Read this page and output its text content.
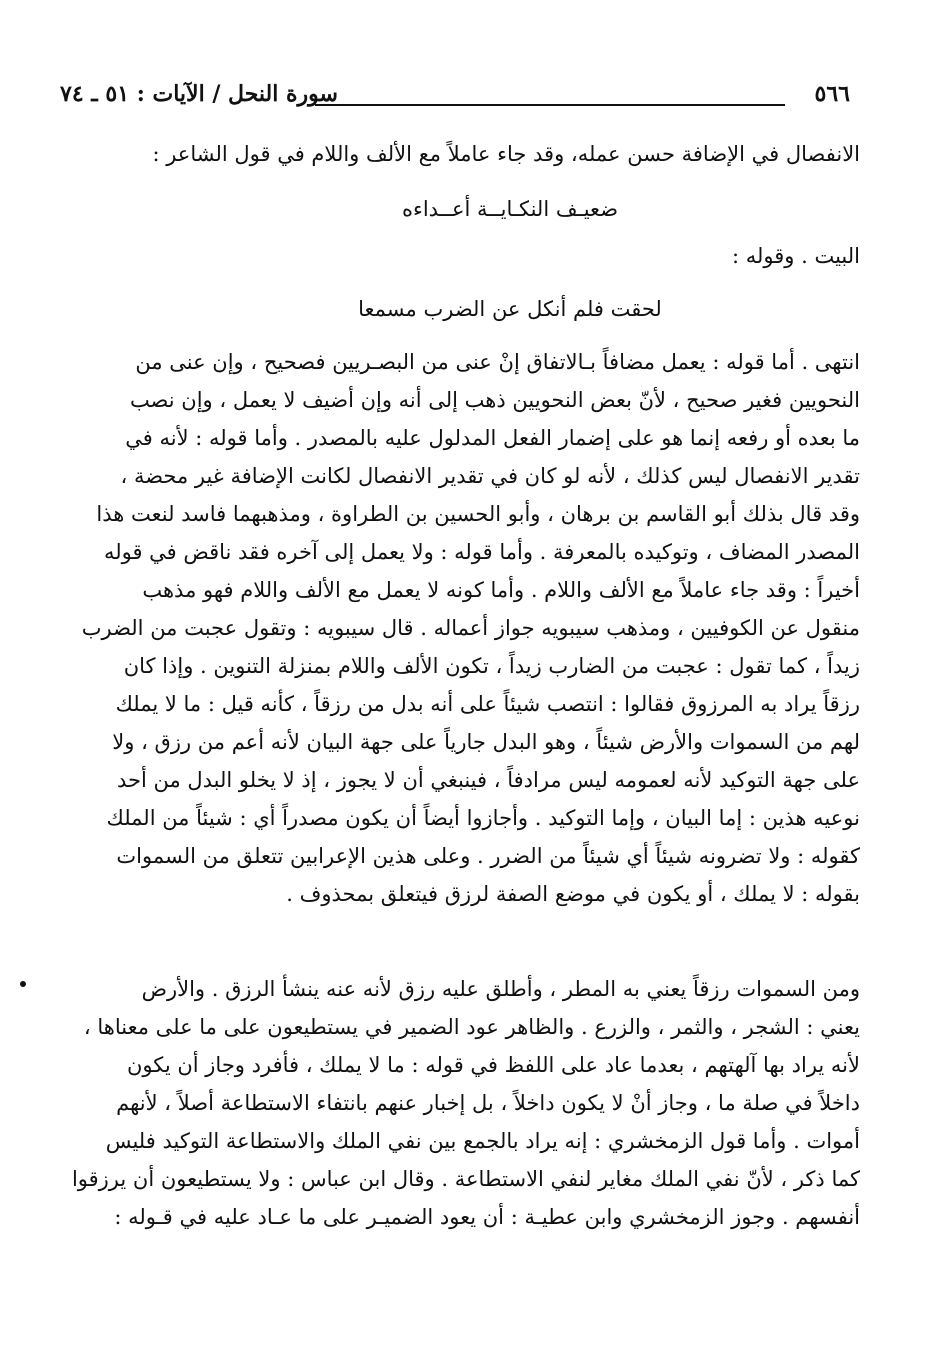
٥٦٦
سورة النحل / الآيات : ٥١ ـ ٧٤
الانفصال في الإضافة حسن عمله، وقد جاء عاملاً مع الألف واللام في قول الشاعر :
ضعيـف النكـايــة أعــداءه
البيت . وقوله :
لحقت فلم أنكل عن الضرب مسمعا
انتهى . أما قوله : يعمل مضافاً بـالاتفاق إنْ عنى من البصـريين فصحيح ، وإن عنى من
النحويين فغير صحيح ، لأنّ بعض النحويين ذهب إلى أنه وإن أضيف لا يعمل ، وإن نصب
ما بعده أو رفعه إنما هو على إضمار الفعل المدلول عليه بالمصدر . وأما قوله : لأنه في
تقدير الانفصال ليس كذلك ، لأنه لو كان في تقدير الانفصال لكانت الإضافة غير محضة ،
وقد قال بذلك أبو القاسم بن برهان ، وأبو الحسين بن الطراوة ، ومذهبهما فاسد لنعت هذا
المصدر المضاف ، وتوكيده بالمعرفة . وأما قوله : ولا يعمل إلى آخره فقد ناقض في قوله
أخيراً : وقد جاء عاملاً مع الألف واللام . وأما كونه لا يعمل مع الألف واللام فهو مذهب
منقول عن الكوفيين ، ومذهب سيبويه جواز أعماله . قال سيبويه : وتقول عجبت من الضرب
زيداً ، كما تقول : عجبت من الضارب زيداً ، تكون الألف واللام بمنزلة التنوين . وإذا كان
رزقاً يراد به المرزوق فقالوا : انتصب شيئاً على أنه بدل من رزقاً ، كأنه قيل : ما لا يملك
لهم من السموات والأرض شيئاً ، وهو البدل جارياً على جهة البيان لأنه أعم من رزق ، ولا
على جهة التوكيد لأنه لعمومه ليس مرادفاً ، فينبغي أن لا يجوز ، إذ لا يخلو البدل من أحد
نوعيه هذين : إما البيان ، وإما التوكيد . وأجازوا أيضاً أن يكون مصدراً أي : شيئاً من الملك
كقوله : ولا تضرونه شيئاً أي شيئاً من الضرر . وعلى هذين الإعرابين تتعلق من السموات
بقوله : لا يملك ، أو يكون في موضع الصفة لرزق فيتعلق بمحذوف .
ومن السموات رزقاً يعني به المطر ، وأطلق عليه رزق لأنه عنه ينشأ الرزق . والأرض
يعني : الشجر ، والثمر ، والزرع . والظاهر عود الضمير في يستطيعون على ما على معناها ،
لأنه يراد بها آلهتهم ، بعدما عاد على اللفظ في قوله : ما لا يملك ، فأفرد وجاز أن يكون
داخلاً في صلة ما ، وجاز أنْ لا يكون داخلاً ، بل إخبار عنهم بانتفاء الاستطاعة أصلاً ، لأنهم
أموات . وأما قول الزمخشري : إنه يراد بالجمع بين نفي الملك والاستطاعة التوكيد فليس
كما ذكر ، لأنّ نفي الملك مغاير لنفي الاستطاعة . وقال ابن عباس : ولا يستطيعون أن يرزقوا
أنفسهم . وجوز الزمخشري وابن عطيـة : أن يعود الضميـر على ما عـاد عليه في قـوله :
